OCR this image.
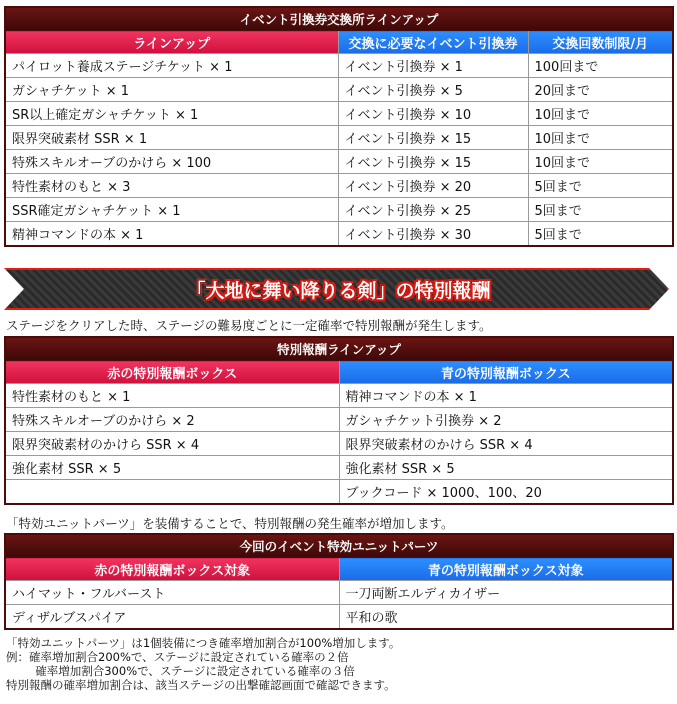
イベント引換券交換所ラインアップ		
ラインアップ	交換に必要なイベント引換券	交換回数制限/月
パイロット養成ステージチケット × 1	イベント引換券 × 1	100回まで
ガシャチケット × 1	イベント引換券 × 5	20回まで
SR以上確定ガシャチケット × 1	イベント引換券 × 10	10回まで
限界突破素材 SSR × 1	イベント引換券 × 15	10回まで
特殊スキルオーブのかけら × 100	イベント引換券 × 15	10回まで
特性素材のもと × 3	イベント引換券 × 20	5回まで
SSR確定ガシャチケット × 1	イベント引換券 × 25	5回まで
精神コマンドの本 × 1	イベント引換券 × 30	5回まで
「大地に舞い降りる剣」の特別報酬
ステージをクリアした時、ステージの難易度ごとに一定確率で特別報酬が発生します。
特別報酬ラインアップ	
赤の特別報酬ボックス	青の特別報酬ボックス
特性素材のもと × 1	精神コマンドの本 × 1
特殊スキルオーブのかけら × 2	ガシャチケット引換券 × 2
限界突破素材のかけら SSR × 4	限界突破素材のかけら SSR × 4
強化素材 SSR × 5	強化素材 SSR × 5
	ブックコード × 1000、100、20
「特効ユニットパーツ」を装備することで、特別報酬の発生確率が増加します。
今回のイベント特効ユニットパーツ	
赤の特別報酬ボックス対象	青の特別報酬ボックス対象
ハイマット・フルバースト	一刀両断エルディカイザー
ディザルブスパイア	平和の歌
「特効ユニットパーツ」は1個装備につき確率増加割合が100%増加します。
例：確率増加割合200%で、ステージに設定されている確率の２倍
確率増加割合300%で、ステージに設定されている確率の３倍
特別報酬の確率増加割合は、該当ステージの出撃確認画面で確認できます。
